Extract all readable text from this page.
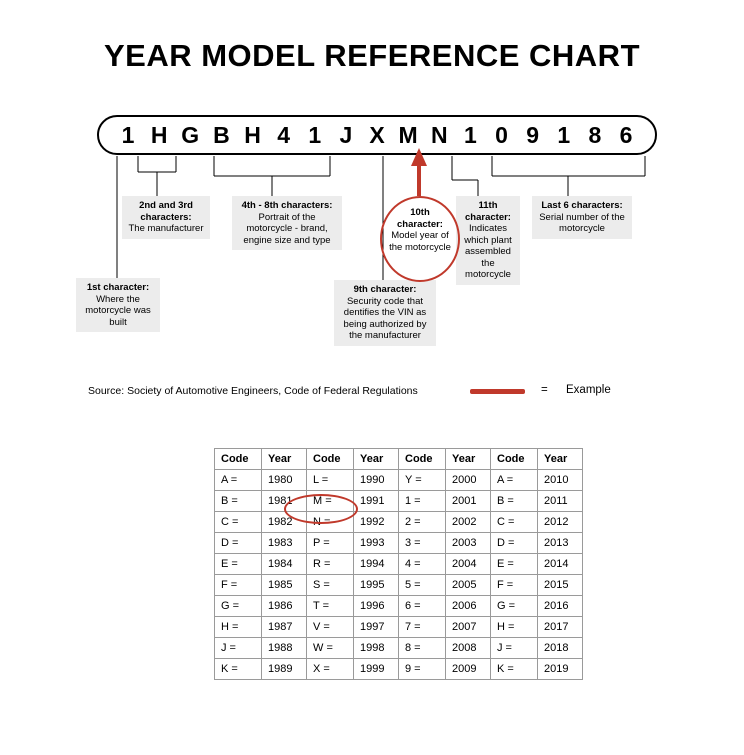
YEAR MODEL REFERENCE CHART
1 H G B H 4 1 J X M N 1 0 9 1 8 6
1st character:
Where the motorcycle was built
2nd and 3rd characters:
The manufacturer
4th - 8th characters:
Portrait of the motorcycle - brand, engine size and type
9th character: Security code that dentifies the VIN as being authorized by the manufacturer
10th character:
Model year of the motorcycle
11th character:
Indicates which plant assembled the motorcycle
Last 6 characters:
Serial number of the motorcycle
Source: Society of Automotive Engineers, Code of Federal Regulations	= Example
Code	Year	Code	Year	Code	Year	Code	Year
A =	1980	L =	1990	Y =	2000	A =	2010
B =	1981	M =	1991	1 =	2001	B =	2011
C =	1982	N =	1992	2 =	2002	C =	2012
D =	1983	P =	1993	3 =	2003	D =	2013
E =	1984	R =	1994	4 =	2004	E =	2014
F =	1985	S =	1995	5 =	2005	F =	2015
G =	1986	T =	1996	6 =	2006	G =	2016
H =	1987	V =	1997	7 =	2007	H =	2017
J =	1988	W =	1998	8 =	2008	J =	2018
K =	1989	X =	1999	9 =	2009	K =	2019
